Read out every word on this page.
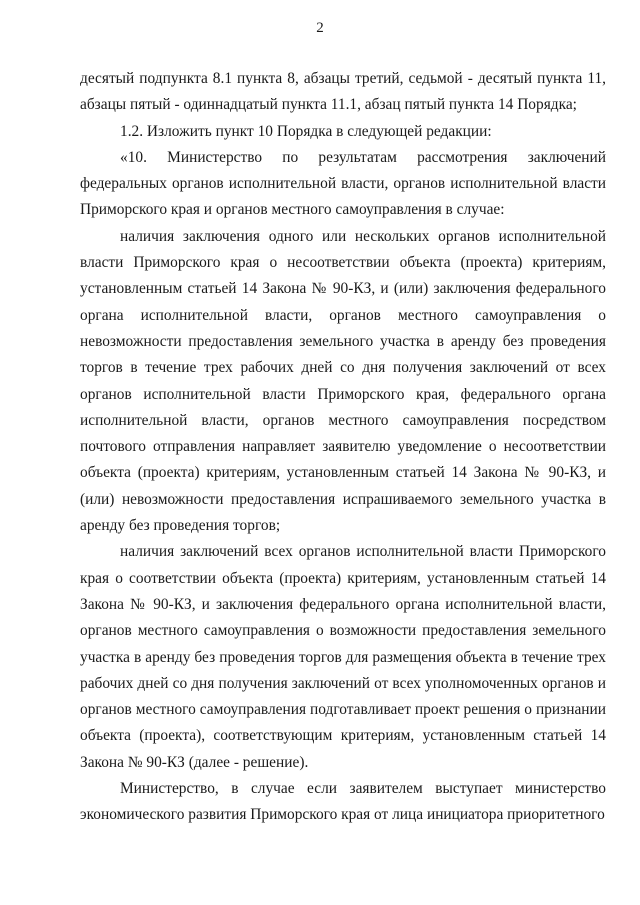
2

десятый подпункта 8.1 пункта 8, абзацы третий, седьмой - десятый пункта 11, абзацы пятый - одиннадцатый пункта 11.1, абзац пятый пункта 14 Порядка;

1.2. Изложить пункт 10 Порядка в следующей редакции:

«10. Министерство по результатам рассмотрения заключений федеральных органов исполнительной власти, органов исполнительной власти Приморского края и органов местного самоуправления в случае:

наличия заключения одного или нескольких органов исполнительной власти Приморского края о несоответствии объекта (проекта) критериям, установленным статьей 14 Закона № 90-КЗ, и (или) заключения федерального органа исполнительной власти, органов местного самоуправления о невозможности предоставления земельного участка в аренду без проведения торгов в течение трех рабочих дней со дня получения заключений от всех органов исполнительной власти Приморского края, федерального органа исполнительной власти, органов местного самоуправления посредством почтового отправления направляет заявителю уведомление о несоответствии объекта (проекта) критериям, установленным статьей 14 Закона № 90-КЗ, и (или) невозможности предоставления испрашиваемого земельного участка в аренду без проведения торгов;

наличия заключений всех органов исполнительной власти Приморского края о соответствии объекта (проекта) критериям, установленным статьей 14 Закона № 90-КЗ, и заключения федерального органа исполнительной власти, органов местного самоуправления о возможности предоставления земельного участка в аренду без проведения торгов для размещения объекта в течение трех рабочих дней со дня получения заключений от всех уполномоченных органов и органов местного самоуправления подготавливает проект решения о признании объекта (проекта), соответствующим критериям, установленным статьей 14 Закона № 90-КЗ (далее - решение).

Министерство, в случае если заявителем выступает министерство экономического развития Приморского края от лица инициатора приоритетного
